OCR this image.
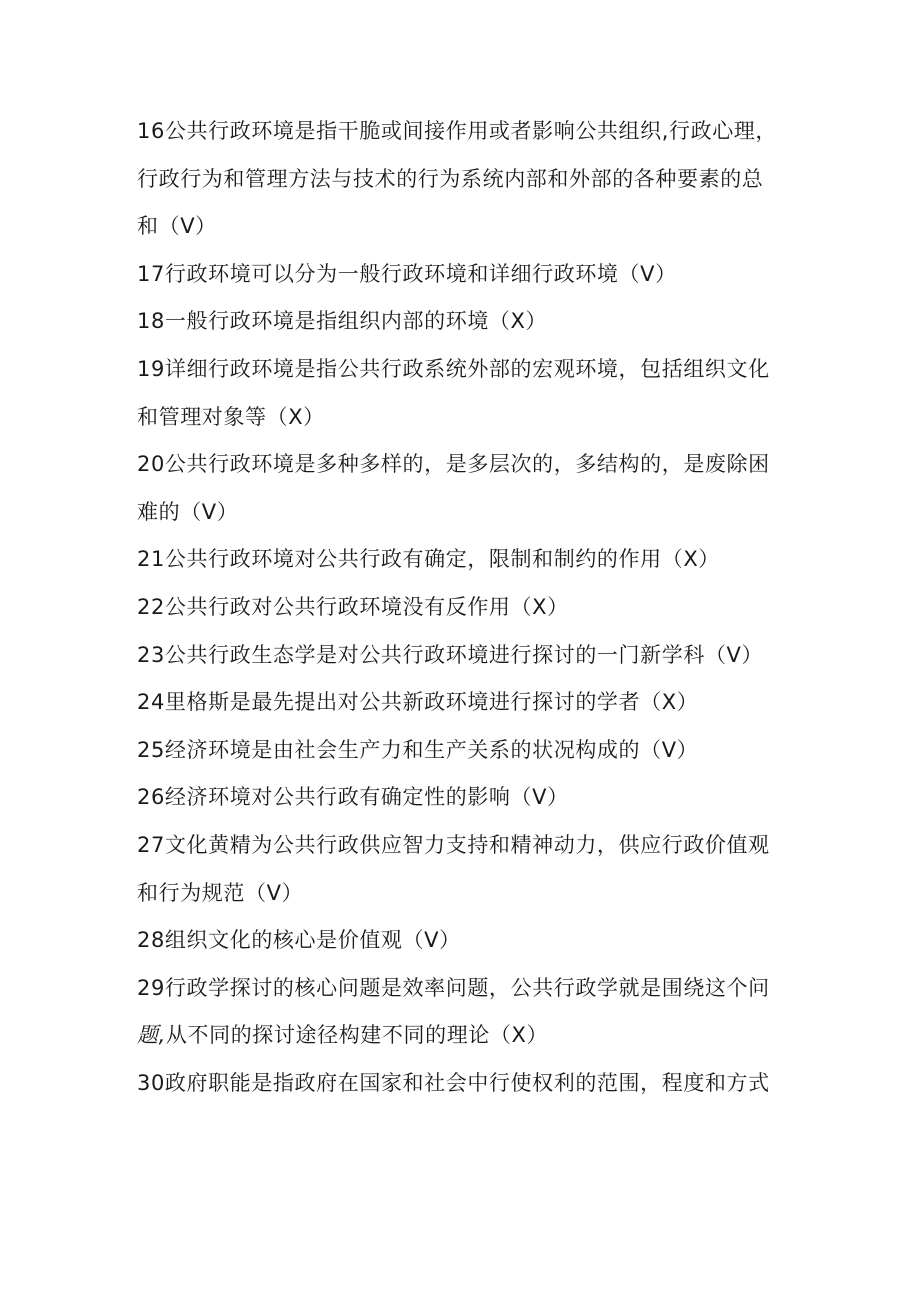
16公共行政环境是指干脆或间接作用或者影响公共组织,行政心理，
行政行为和管理方法与技术的行为系统内部和外部的各种要素的总
和（V）

17行政环境可以分为一般行政环境和详细行政环境（V）

18一般行政环境是指组织内部的环境（X）

19详细行政环境是指公共行政系统外部的宏观环境，包括组织文化
和管理对象等（X）

20公共行政环境是多种多样的，是多层次的，多结构的，是废除困
难的（V）

21公共行政环境对公共行政有确定，限制和制约的作用（X）

22公共行政对公共行政环境没有反作用（X）

23公共行政生态学是对公共行政环境进行探讨的一门新学科（V）

24里格斯是最先提出对公共新政环境进行探讨的学者（X）

25经济环境是由社会生产力和生产关系的状况构成的（V）

26经济环境对公共行政有确定性的影响（V）

27文化黄精为公共行政供应智力支持和精神动力，供应行政价值观
和行为规范（V）

28组织文化的核心是价值观（V）

29行政学探讨的核心问题是效率问题，公共行政学就是围绕这个问
题,从不同的探讨途径构建不同的理论（X）

30政府职能是指政府在国家和社会中行使权利的范围，程度和方式
